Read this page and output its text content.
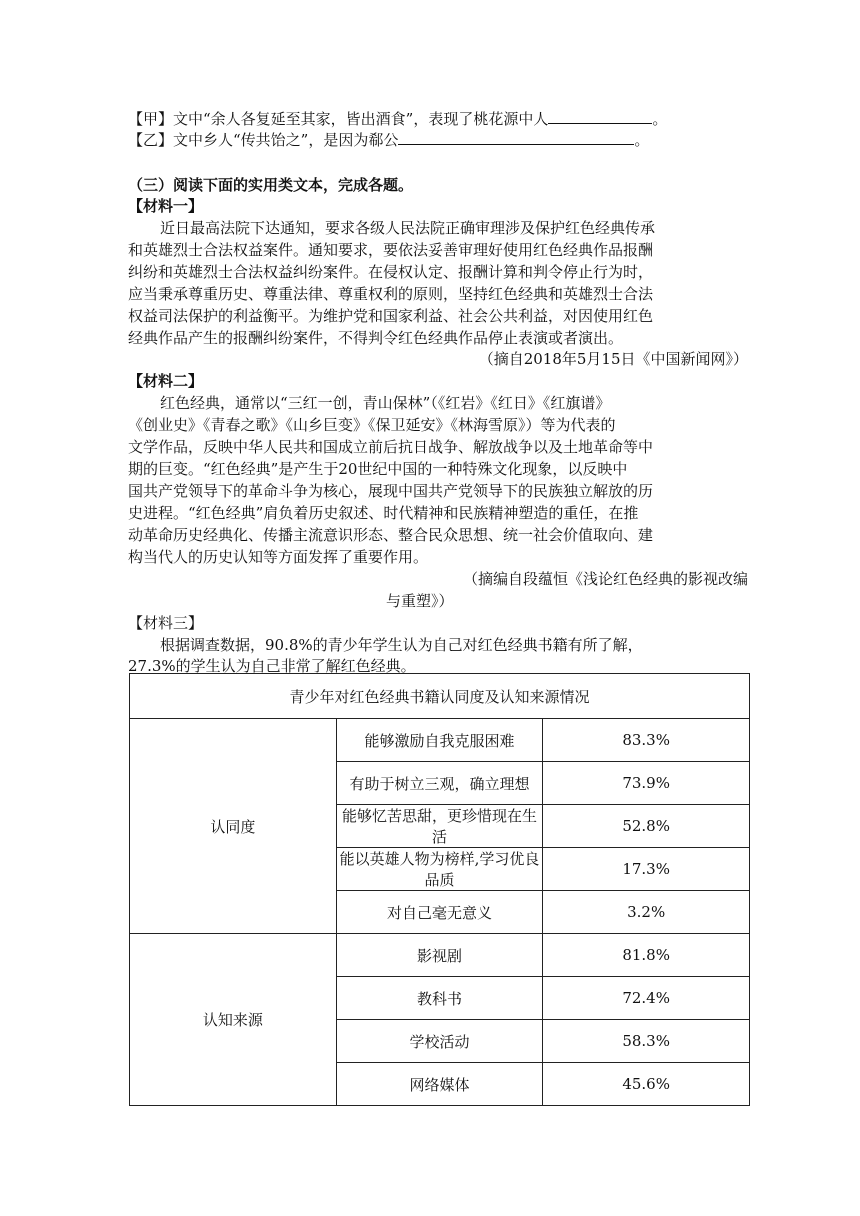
【甲】文中“余人各复延至其家，皆出酒食”，表现了桃花源中人	。
【乙】文中乡人“传共饴之”，是因为郗公	。
（三）阅读下面的实用类文本，完成各题。
【材料一】
近日最高法院下达通知，要求各级人民法院正确审理涉及保护红色经典传承
和英雄烈士合法权益案件。通知要求，要依法妥善审理好使用红色经典作品报酬
纠纷和英雄烈士合法权益纠纷案件。在侵权认定、报酬计算和判令停止行为时，
应当秉承尊重历史、尊重法律、尊重权利的原则，坚持红色经典和英雄烈士合法
权益司法保护的利益衡平。为维护党和国家利益、社会公共利益，对因使用红色
经典作品产生的报酬纠纷案件，不得判令红色经典作品停止表演或者演出。
（摘自2018年5月15日《中国新闻网》）
【材料二】
红色经典，通常以“三红一创，青山保林”（《红岩》《红日》《红旗谱》
《创业史》《青春之歌》《山乡巨变》《保卫延安》《林海雪原》）等为代表的
文学作品，反映中华人民共和国成立前后抗日战争、解放战争以及土地革命等中
期的巨变。“红色经典”是产生于20世纪中国的一种特殊文化现象，以反映中
国共产党领导下的革命斗争为核心，展现中国共产党领导下的民族独立解放的历
史进程。“红色经典”肩负着历史叙述、时代精神和民族精神塑造的重任，在推
动革命历史经典化、传播主流意识形态、整合民众思想、统一社会价值取向、建
构当代人的历史认知等方面发挥了重要作用。
（摘编自段蕴恒《浅论红色经典的影视改编
与重塑》）
【材料三】
根据调查数据，90.8%的青少年学生认为自己对红色经典书籍有所了解，
27.3%的学生认为自己非常了解红色经典。
青少年对红色经典书籍认同度及认知来源情况		
认同度	能够激励自我克服困难	83.3%
	有助于树立三观，确立理想	73.9%
	能够忆苦思甜，更珍惜现在生活	52.8%
	能以英雄人物为榜样,学习优良品质	17.3%
	对自己毫无意义	3.2%
认知来源	影视剧	81.8%
	教科书	72.4%
	学校活动	58.3%
	网络媒体	45.6%
